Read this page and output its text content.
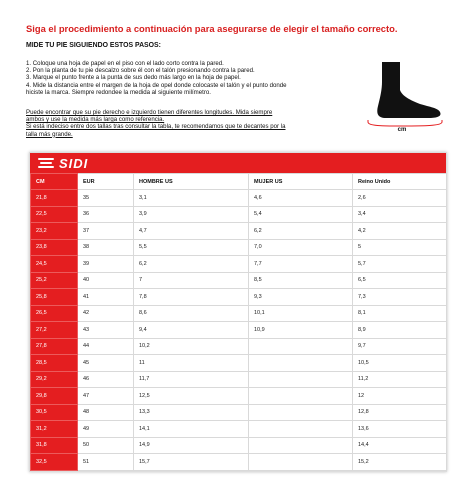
Siga el procedimiento a continuación para asegurarse de elegir el tamaño correcto.
MIDE TU PIE SIGUIENDO ESTOS PASOS:
1. Coloque una hoja de papel en el piso con el lado corto contra la pared.
2. Pon la planta de tu pie descalzo sobre él con el talón presionando contra la pared.
3. Marque el punto frente a la punta de sus dedo más largo en la hoja de papel.
4. Mide la distancia entre el margen de la hoja de opel donde colocaste el talón y el punto donde
hiciste la marca. Siempre redondee la medida al siguiente milímetro.
Puede encontrar que su pie derecho e izquierdo tienen diferentes longitudes. Mida siempre
ambos y use la medida más larga como referencia.
Si está indeciso entre dos tallas tras consultar la tabla, te recomendamos que te decantes por la
talla más grande.
cm
SIDI
CM	EUR	HOMBRE US	MUJER US	Reino Unido
21,8	35	3,1	4,6	2,6
22,5	36	3,9	5,4	3,4
23,2	37	4,7	6,2	4,2
23,8	38	5,5	7,0	5
24,5	39	6,2	7,7	5,7
25,2	40	7	8,5	6,5
25,8	41	7,8	9,3	7,3
26,5	42	8,6	10,1	8,1
27,2	43	9,4	10,9	8,9
27,8	44	10,2		9,7
28,5	45	11		10,5
29,2	46	11,7		11,2
29,8	47	12,5		12
30,5	48	13,3		12,8
31,2	49	14,1		13,6
31,8	50	14,9		14,4
32,5	51	15,7		15,2
